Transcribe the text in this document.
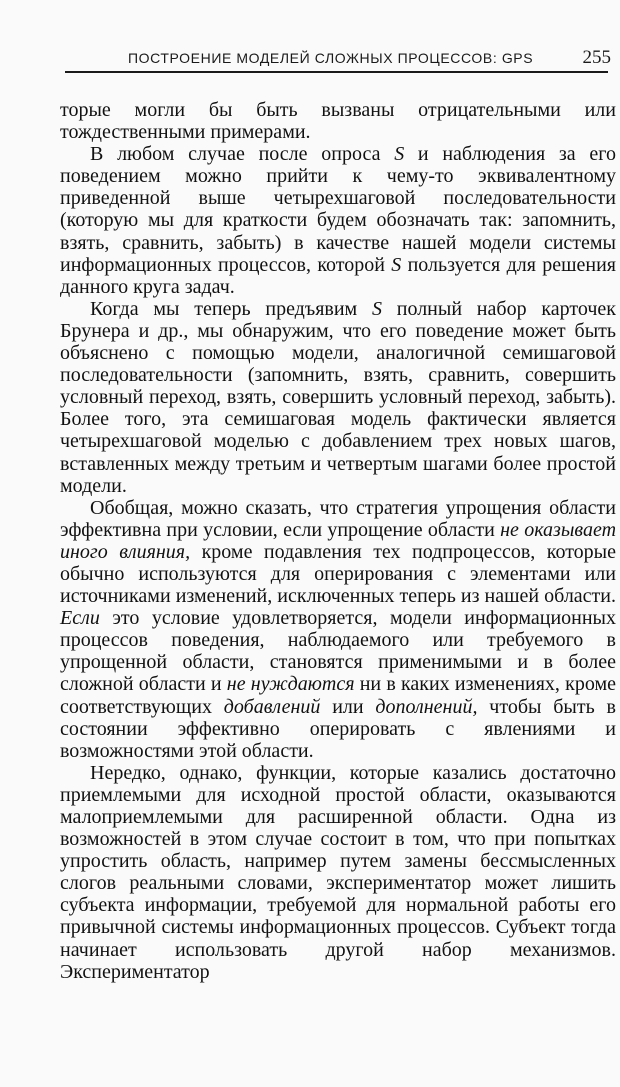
ПОСТРОЕНИЕ МОДЕЛЕЙ СЛОЖНЫХ ПРОЦЕССОВ: GPS	255

торые могли бы быть вызваны отрицательными или тождественными примерами.

В любом случае после опроса S и наблюдения за его поведением можно прийти к чему-то эквивалентному приведенной выше четырехшаговой последовательности (которую мы для краткости будем обозначать так: запомнить, взять, сравнить, забыть) в качестве нашей модели системы информационных процессов, которой S пользуется для решения данного круга задач.

Когда мы теперь предъявим S полный набор карточек Брунера и др., мы обнаружим, что его поведение может быть объяснено с помощью модели, аналогичной семишаговой последовательности (запомнить, взять, сравнить, совершить условный переход, взять, совершить условный переход, забыть). Более того, эта семишаговая модель фактически является четырехшаговой моделью с добавлением трех новых шагов, вставленных между третьим и четвертым шагами более простой модели.

Обобщая, можно сказать, что стратегия упрощения области эффективна при условии, если упрощение области не оказывает иного влияния, кроме подавления тех подпроцессов, которые обычно используются для оперирования с элементами или источниками изменений, исключенных теперь из нашей области. Если это условие удовлетворяется, модели информационных процессов поведения, наблюдаемого или требуемого в упрощенной области, становятся применимыми и в более сложной области и не нуждаются ни в каких изменениях, кроме соответствующих добавлений или дополнений, чтобы быть в состоянии эффективно оперировать с явлениями и возможностями этой области.

Нередко, однако, функции, которые казались достаточно приемлемыми для исходной простой области, оказываются малоприемлемыми для расширенной области. Одна из возможностей в этом случае состоит в том, что при попытках упростить область, например путем замены бессмысленных слогов реальными словами, экспериментатор может лишить субъекта информации, требуемой для нормальной работы его привычной системы информационных процессов. Субъект тогда начинает использовать другой набор механизмов. Экспериментатор
